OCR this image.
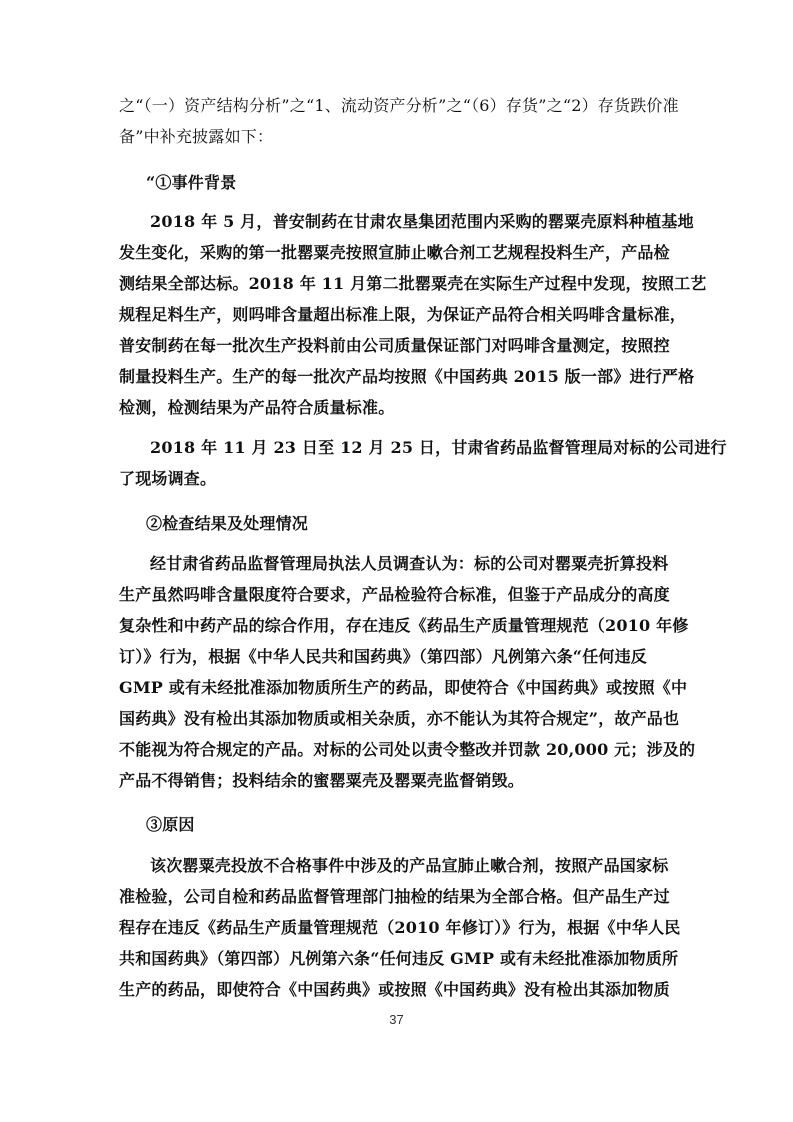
之“（一）资产结构分析”之“1、流动资产分析”之“（6）存货”之“2）存货跌价准
备”中补充披露如下：
“①事件背景
2018 年 5 月，普安制药在甘肃农垦集团范围内采购的罂粟壳原料种植基地
发生变化，采购的第一批罂粟壳按照宣肺止嗽合剂工艺规程投料生产，产品检
测结果全部达标。2018 年 11 月第二批罂粟壳在实际生产过程中发现，按照工艺
规程足料生产，则吗啡含量超出标准上限，为保证产品符合相关吗啡含量标准，
普安制药在每一批次生产投料前由公司质量保证部门对吗啡含量测定，按照控
制量投料生产。生产的每一批次产品均按照《中国药典 2015 版一部》进行严格
检测，检测结果为产品符合质量标准。
2018 年 11 月 23 日至 12 月 25 日，甘肃省药品监督管理局对标的公司进行
了现场调查。
②检查结果及处理情况
经甘肃省药品监督管理局执法人员调查认为：标的公司对罂粟壳折算投料
生产虽然吗啡含量限度符合要求，产品检验符合标准，但鉴于产品成分的高度
复杂性和中药产品的综合作用，存在违反《药品生产质量管理规范（2010 年修
订）》行为，根据《中华人民共和国药典》（第四部）凡例第六条“任何违反
GMP 或有未经批准添加物质所生产的药品，即使符合《中国药典》或按照《中
国药典》没有检出其添加物质或相关杂质，亦不能认为其符合规定”，故产品也
不能视为符合规定的产品。对标的公司处以责令整改并罚款 20,000 元；涉及的
产品不得销售；投料结余的蜜罂粟壳及罂粟壳监督销毁。
③原因
该次罂粟壳投放不合格事件中涉及的产品宣肺止嗽合剂，按照产品国家标
准检验，公司自检和药品监督管理部门抽检的结果为全部合格。但产品生产过
程存在违反《药品生产质量管理规范（2010 年修订）》行为，根据《中华人民
共和国药典》（第四部）凡例第六条“任何违反 GMP 或有未经批准添加物质所
生产的药品，即使符合《中国药典》或按照《中国药典》没有检出其添加物质
37
